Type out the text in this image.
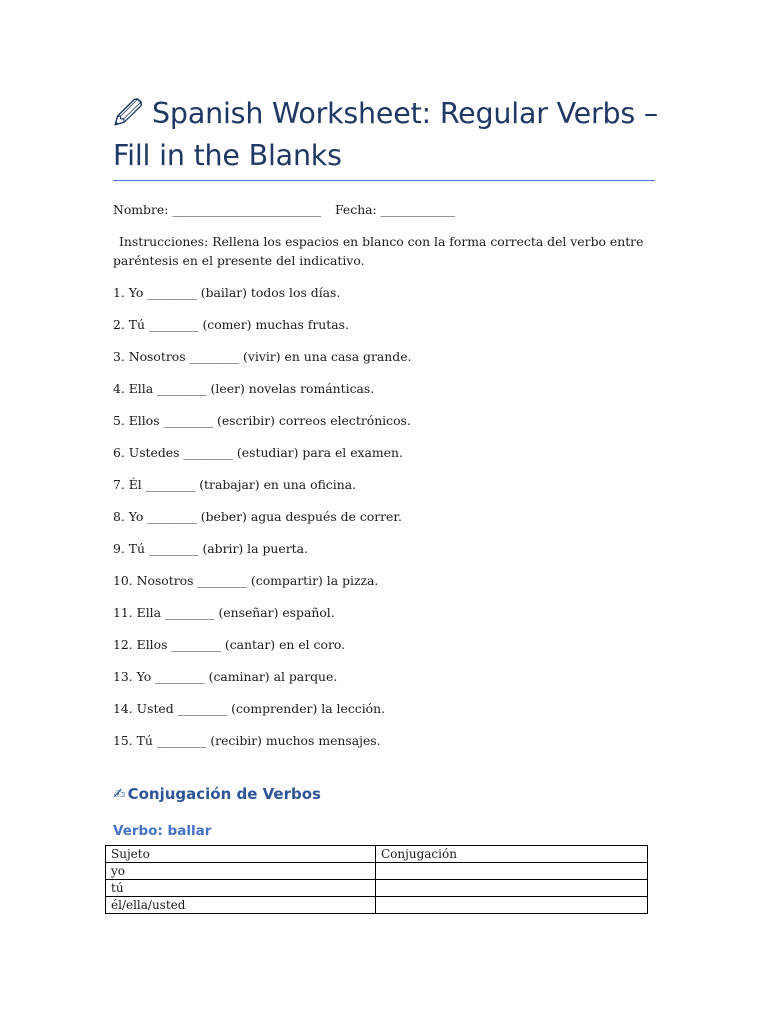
🖉 Spanish Worksheet: Regular Verbs – Fill in the Blanks
Nombre: ________________________ Fecha: ____________
Instrucciones: Rellena los espacios en blanco con la forma correcta del verbo entre paréntesis en el presente del indicativo.
1. Yo ________ (bailar) todos los días.
2. Tú ________ (comer) muchas frutas.
3. Nosotros ________ (vivir) en una casa grande.
4. Ella ________ (leer) novelas románticas.
5. Ellos ________ (escribir) correos electrónicos.
6. Ustedes ________ (estudiar) para el examen.
7. Él ________ (trabajar) en una oficina.
8. Yo ________ (beber) agua después de correr.
9. Tú ________ (abrir) la puerta.
10. Nosotros ________ (compartir) la pizza.
11. Ella ________ (enseñar) español.
12. Ellos ________ (cantar) en el coro.
13. Yo ________ (caminar) al parque.
14. Usted ________ (comprender) la lección.
15. Tú ________ (recibir) muchos mensajes.
✍ Conjugación de Verbos
Verbo: ballar
Sujeto	Conjugación
yo	
tú	
él/ella/usted	
